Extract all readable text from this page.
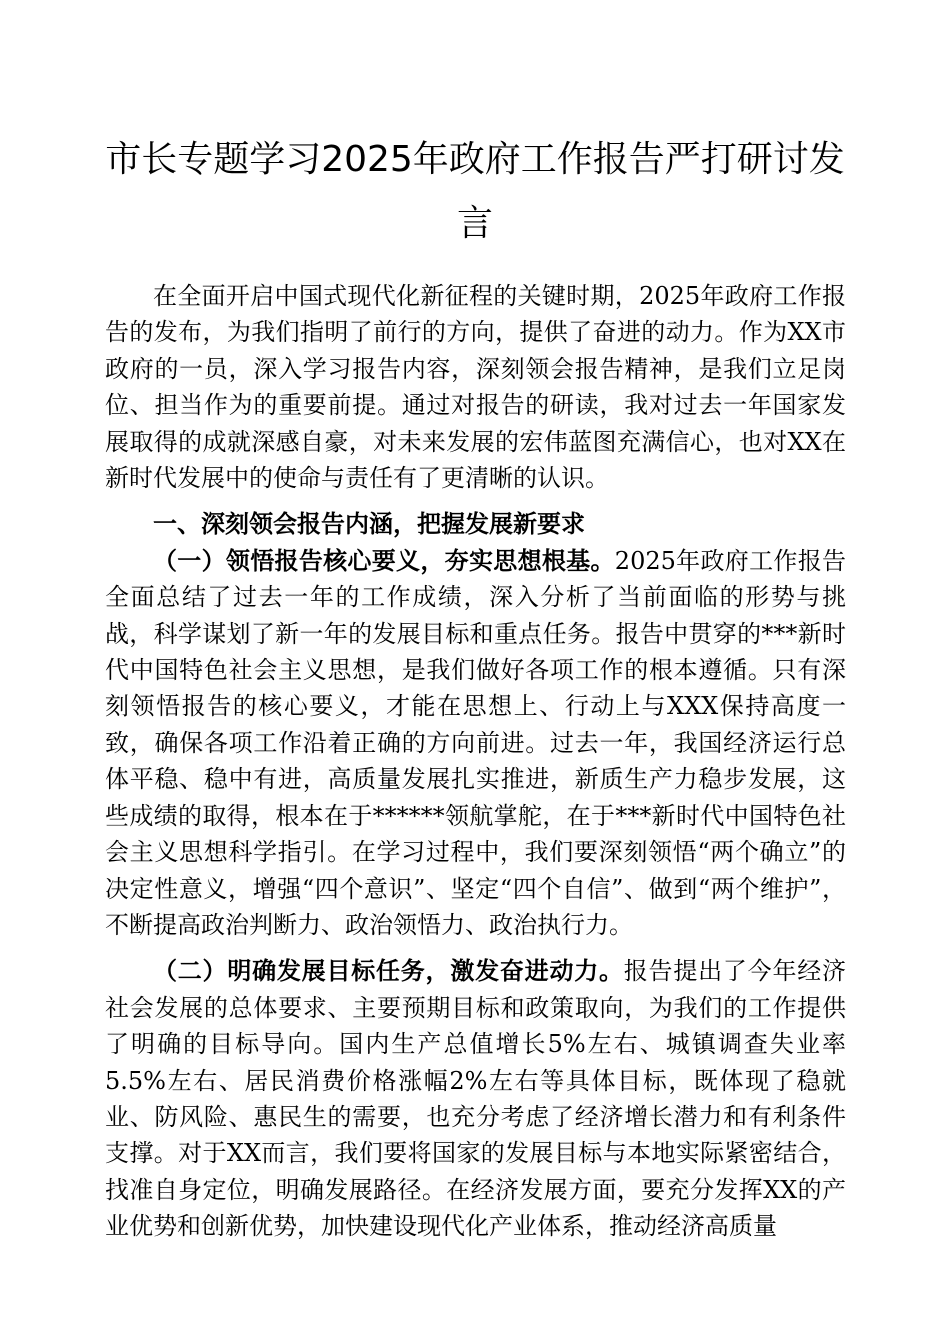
市长专题学习2025年政府工作报告严打研讨发言

在全面开启中国式现代化新征程的关键时期，2025年政府工作报告的发布，为我们指明了前行的方向，提供了奋进的动力。作为XX市政府的一员，深入学习报告内容，深刻领会报告精神，是我们立足岗位、担当作为的重要前提。通过对报告的研读，我对过去一年国家发展取得的成就深感自豪，对未来发展的宏伟蓝图充满信心，也对XX在新时代发展中的使命与责任有了更清晰的认识。

一、深刻领会报告内涵，把握发展新要求

（一）领悟报告核心要义，夯实思想根基。2025年政府工作报告全面总结了过去一年的工作成绩，深入分析了当前面临的形势与挑战，科学谋划了新一年的发展目标和重点任务。报告中贯穿的***新时代中国特色社会主义思想，是我们做好各项工作的根本遵循。只有深刻领悟报告的核心要义，才能在思想上、行动上与XXX保持高度一致，确保各项工作沿着正确的方向前进。过去一年，我国经济运行总体平稳、稳中有进，高质量发展扎实推进，新质生产力稳步发展，这些成绩的取得，根本在于******领航掌舵，在于***新时代中国特色社会主义思想科学指引。在学习过程中，我们要深刻领悟“两个确立”的决定性意义，增强“四个意识”、坚定“四个自信”、做到“两个维护”，不断提高政治判断力、政治领悟力、政治执行力。

（二）明确发展目标任务，激发奋进动力。报告提出了今年经济社会发展的总体要求、主要预期目标和政策取向，为我们的工作提供了明确的目标导向。国内生产总值增长5%左右、城镇调查失业率5.5%左右、居民消费价格涨幅2%左右等具体目标，既体现了稳就业、防风险、惠民生的需要，也充分考虑了经济增长潜力和有利条件支撑。对于XX而言，我们要将国家的发展目标与本地实际紧密结合，找准自身定位，明确发展路径。在经济发展方面，要充分发挥XX的产业优势和创新优势，加快建设现代化产业体系，推动经济高质量
